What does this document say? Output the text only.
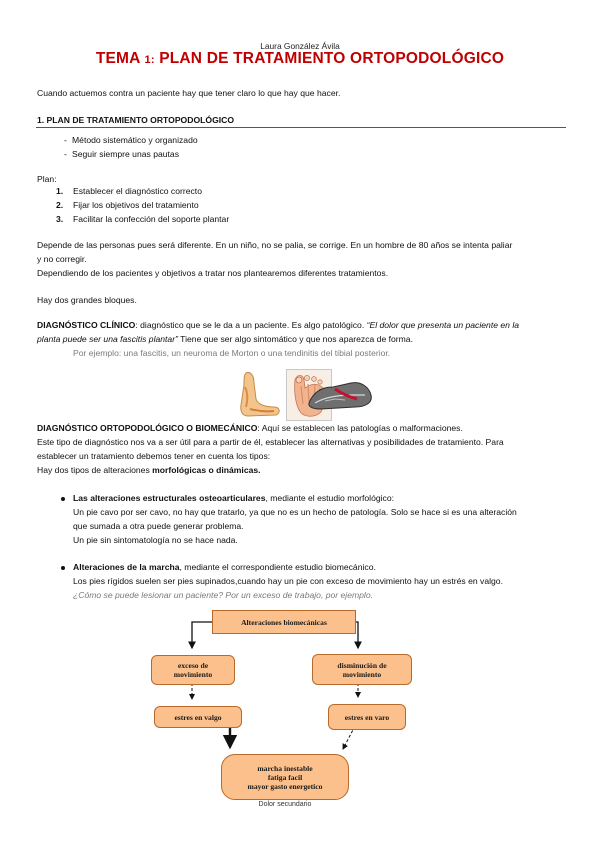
Laura González Ávila
TEMA 1: PLAN DE TRATAMIENTO ORTOPODOLÓGICO
Cuando actuemos contra un paciente hay que tener claro lo que hay que hacer.
1. PLAN DE TRATAMIENTO ORTOPODOLÓGICO
- Método sistemático y organizado
- Seguir siempre unas pautas
Plan:
1. Establecer el diagnóstico correcto
2. Fijar los objetivos del tratamiento
3. Facilitar la confección del soporte plantar
Depende de las personas pues será diferente. En un niño, no se palia, se corrige. En un hombre de 80 años se intenta paliar
y no corregir.
Dependiendo de los pacientes y objetivos a tratar nos plantearemos diferentes tratamientos.
Hay dos grandes bloques.
DIAGNÓSTICO CLÍNICO: diagnóstico que se le da a un paciente. Es algo patológico. “El dolor que presenta un paciente en la
planta puede ser una fascitis plantar” Tiene que ser algo sintomático y que nos aparezca de forma.
Por ejemplo: una fascitis, un neuroma de Morton o una tendinitis del tibial posterior.
DIAGNÓSTICO ORTOPODOLÓGICO O BIOMECÁNICO: Aquí se establecen las patologías o malformaciones.
Este tipo de diagnóstico nos va a ser útil para a partir de él, establecer las alternativas y posibilidades de tratamiento. Para
establecer un tratamiento debemos tener en cuenta los tipos:
Hay dos tipos de alteraciones morfológicas o dinámicas.
Las alteraciones estructurales osteoarticulares, mediante el estudio morfológico:
Un pie cavo por ser cavo, no hay que tratarlo, ya que no es un hecho de patología. Solo se hace si es una alteración
que sumada a otra puede generar problema.
Un pie sin sintomatología no se hace nada.
Alteraciones de la marcha, mediante el correspondiente estudio biomecánico.
Los pies rígidos suelen ser pies supinados,cuando hay un pie con exceso de movimiento hay un estrés en valgo.
¿Cómo se puede lesionar un paciente? Por un exceso de trabajo, por ejemplo.
Alteraciones biomecánicas
exceso de
movimiento
disminución de
movimiento
estres en valgo	estres en varo
marcha inestable
fatiga facil
mayor gasto energetico
Dolor secundario
